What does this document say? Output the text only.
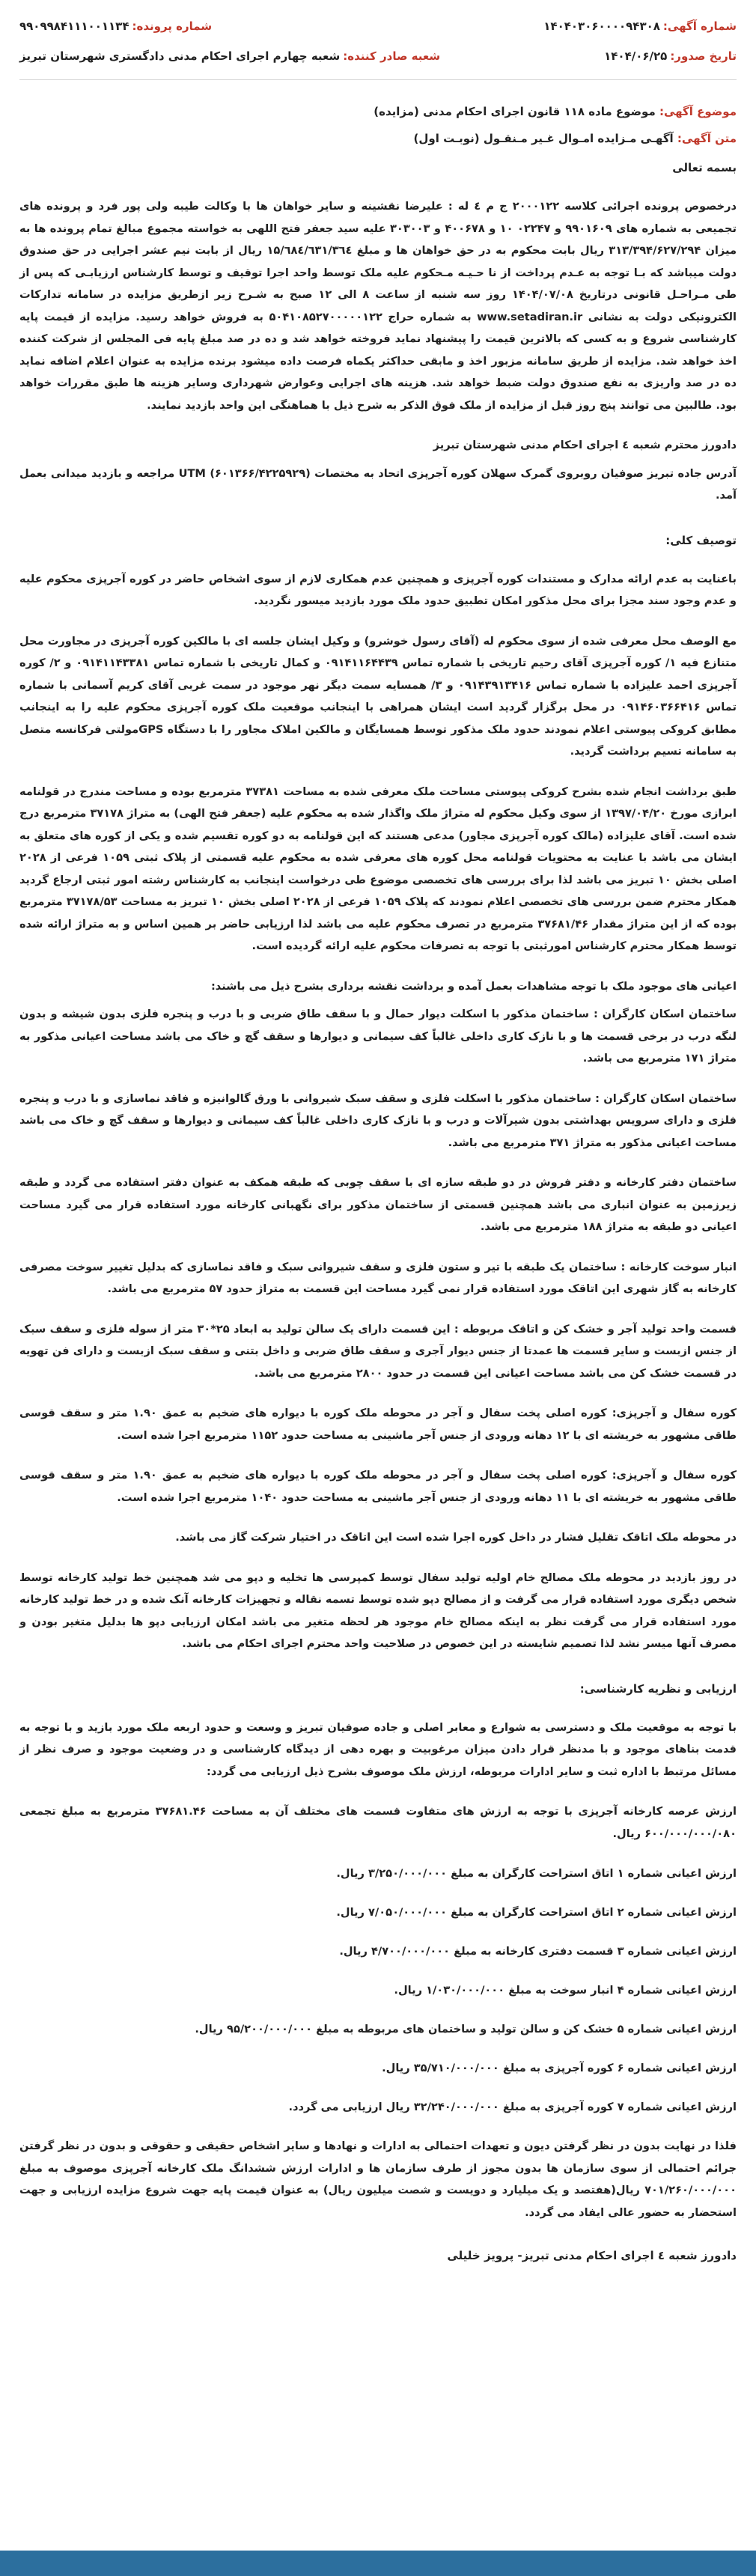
شماره آگهی:
۱۴۰۴۰۳۰۶۰۰۰۰۹۴۳۰۸
شماره پرونده:
۹۹۰۹۹۸۴۱۱۱۰۰۱۱۳۴
تاریخ صدور:
۱۴۰۴/۰۶/۲۵
شعبه صادر کننده:
شعبه چهارم اجرای احکام مدنی دادگستری شهرستان تبریز
موضوع آگهی: موضوع ماده ۱۱۸ قانون اجرای احکام مدنی (مزایده)
متن آگهی: آگهـی مـزایده امـوال غـیر مـنقـول (نوبـت اول)
بسمه تعالی

درخصوص پرونده اجرائی کلاسه ۲۰۰۰۱۲۲ ج م ٤ له : علیرضا نقشینه و سایر خواهان ها با وکالت طیبه ولی پور فرد و پرونده های تجمیعی به شماره های ۹۹۰۱۶۰۹ و ۰۲۲۴۷ ۱۰ و ۴۰۰۶۷۸ و ۳۰۳۰۰۳ علیه سید جعفر فتح اللهی به خواسته مجموع مبالغ تمام پرونده ها به میزان ۳۱۳/۳۹۴/۶۲۷/۲۹۴ ریال بابت محکوم به در حق خواهان ها و مبلغ ۱۵/٦٨٤/٦٣١/٣٦٤ ریال از بابت نیم عشر اجرایی در حق صندوق دولت میباشد که بـا توجه به عـدم پرداخت از نا حـیـه مـحکوم علیه ملک توسط واحد اجرا توقیف و توسط کارشناس ارزیابـی که پس از طی مـراحـل قانونی درتاریخ ۱۴۰۴/۰۷/۰۸ روز سه شنبه از ساعت ۸ الی ۱۲ صبح به شـرح زیر ازطریق مزایده در سامانه تدارکات الکترونیکی دولت به نشانی www.setadiran.ir به شماره حراج ۵۰۴۱۰۸۵۲۷۰۰۰۰۰۱۲۲ به فروش خواهد رسید. مزایده از قیمت پایه کارشناسی شروع و به کسی که بالاترین قیمت را پیشنهاد نماید فروخته خواهد شد و ده در صد مبلغ پایه فی المجلس از شرکت کننده اخذ خواهد شد. مزایده از طریق سامانه مزبور اخذ و مابقی حداکثر یکماه فرصت داده میشود برنده مزایده به عنوان اعلام اضافه نماید ده در صد واریزی به نفع صندوق دولت ضبط خواهد شد. هزینه های اجرایی وعوارض شهرداری وسایر هزینه ها طبق مقررات خواهد بود. طالبین می توانند پنج روز قبل از مزایده از ملک فوق الذکر به شرح ذیل با هماهنگی این واحد بازدید نمایند.

دادورز محترم شعبه ٤ اجرای احکام مدنی شهرستان تبریز

آدرس جاده تبریز صوفیان روبروی گمرک سهلان کوره آجرپزی اتحاد به مختصات (۶۰۱۳۶۶/۴۲۲۵۹۲۹) UTM مراجعه و بازدید میدانی بعمل آمد.

توصیف کلی:

باعنایت به عدم ارائه مدارک و مستندات کوره آجرپزی و همچنین عدم همکاری لازم از سوی اشخاص حاضر در کوره آجرپزی محکوم علیه و عدم وجود سند مجزا برای محل مذکور امکان تطبیق حدود ملک مورد بازدید میسور نگردید.

مع الوصف محل معرفی شده از سوی محکوم له (آقای رسول خوشرو) و وکیل ایشان جلسه ای با مالکین کوره آجرپزی در مجاورت محل متنازع فیه ۱/ کوره آجرپزی آقای رحیم تاریخی با شماره تماس ۰۹۱۴۱۱۶۴۴۳۹ و کمال تاریخی با شماره تماس ۰۹۱۴۱۱۴۳۳۸۱ و ۲/ کوره آجرپزی احمد علیزاده با شماره تماس ۰۹۱۴۳۹۱۳۴۱۶ و ۳/ همسایه سمت دیگر نهر موجود در سمت غربی آقای کریم آسمانی با شماره تماس ۰۹۱۴۶۰۳۶۶۴۱۶ در محل برگزار گردید است ایشان همراهی با اینجانب موقعیت ملک کوره آجرپزی محکوم علیه را به اینجانب مطابق کروکی پیوستی اعلام نمودند حدود ملک مذکور توسط همسایگان و مالکین املاک مجاور را با دستگاه GPSمولتی فرکانسه متصل به سامانه تسیم برداشت گردید.

طبق برداشت انجام شده بشرح کروکی پیوستی مساحت ملک معرفی شده به مساحت ۳۷۳۸۱ مترمربع بوده و مساحت مندرج در قولنامه ابرازی مورخ ۱۳۹۷/۰۴/۲۰ از سوی وکیل محکوم له متراژ ملک واگذار شده به محکوم علیه (جعفر فتح الهی) به متراژ ۳۷۱۷۸ مترمربع درج شده است. آقای علیزاده (مالک کوره آجرپزی مجاور) مدعی هستند که این قولنامه به دو کوره تقسیم شده و یکی از کوره های متعلق به ایشان می باشد با عنایت به محتویات قولنامه محل کوره های معرفی شده به محکوم علیه قسمتی از پلاک ثبتی ۱۰۵۹ فرعی از ۲۰۲۸ اصلی بخش ۱۰ تبریز می باشد لذا برای بررسی های تخصصی موضوع طی درخواست اینجانب به کارشناس رشته امور ثبتی ارجاع گردید همکار محترم ضمن بررسی های تخصصی اعلام نمودند که پلاک ۱۰۵۹ فرعی از ۲۰۲۸ اصلی بخش ۱۰ تبریز به مساحت ۳۷۱۷۸/۵۳ مترمربع بوده که از این متراژ مقدار ۳۷۶۸۱/۴۶ مترمربع در تصرف محکوم علیه می باشد لذا ارزیابی حاضر بر همین اساس و به متراژ ارائه شده توسط همکار محترم کارشناس امورثبتی با توجه به تصرفات محکوم علیه ارائه گردیده است.

اعیانی های موجود ملک با توجه مشاهدات بعمل آمده و برداشت نقشه برداری بشرح ذیل می باشند:

ساختمان اسکان کارگران : ساختمان مذکور با اسکلت دیوار حمال و با سقف طاق ضربی و با درب و پنجره فلزی بدون شیشه و بدون لنگه درب در برخی قسمت ها و با نازک کاری داخلی غالباً کف سیمانی و دیوارها و سقف گچ و خاک می باشد مساحت اعیانی مذکور به متراژ ۱۷۱ مترمربع می باشد.

ساختمان اسکان کارگران : ساختمان مذکور با اسکلت فلزی و سقف سبک شیروانی با ورق گالوانیزه و فاقد نماسازی و با درب و پنجره فلزی و دارای سرویس بهداشتی بدون شیرآلات و درب و با نازک کاری داخلی غالباً کف سیمانی و دیوارها و سقف گچ و خاک می باشد مساحت اعیانی مذکور به متراژ ۳۷۱ مترمربع می باشد.

ساختمان دفتر کارخانه و دفتر فروش در دو طبقه سازه ای با سقف چوبی که طبقه همکف به عنوان دفتر استفاده می گردد و طبقه زیرزمین به عنوان انباری می باشد همچنین قسمتی از ساختمان مذکور برای نگهبانی کارخانه مورد استفاده قرار می گیرد مساحت اعیانی دو طبقه به متراژ ۱۸۸ مترمربع می باشد.

انبار سوخت کارخانه : ساختمان یک طبقه با تیر و ستون فلزی و سقف شیروانی سبک و فاقد نماسازی که بدلیل تغییر سوخت مصرفی کارخانه به گاز شهری این اتاقک مورد استفاده قرار نمی گیرد مساحت این قسمت به متراژ حدود ۵۷ مترمربع می باشد.

قسمت واحد تولید آجر و خشک کن و اتاقک مربوطه : این قسمت دارای یک سالن تولید به ابعاد ۲۵*۳۰ متر از سوله فلزی و سقف سبک از جنس ازبست و سایر قسمت ها عمدتا از جنس دیوار آجری و سقف طاق ضربی و داخل بتنی و سقف سبک ازبست و دارای فن تهویه در قسمت خشک کن می باشد مساحت اعیانی این قسمت در حدود ۲۸۰۰ مترمربع می باشد.

کوره سفال و آجرپزی: کوره اصلی پخت سفال و آجر در محوطه ملک کوره با دیواره های ضخیم به عمق ۱.۹۰ متر و سقف قوسی طاقی مشهور به خریشته ای با ۱۲ دهانه ورودی از جنس آجر ماشینی به مساحت حدود ۱۱۵۲ مترمربع اجرا شده است.

کوره سفال و آجرپزی: کوره اصلی پخت سفال و آجر در محوطه ملک کوره با دیواره های ضخیم به عمق ۱.۹۰ متر و سقف قوسی طاقی مشهور به خریشته ای با ۱۱ دهانه ورودی از جنس آجر ماشینی به مساحت حدود ۱۰۴۰ مترمربع اجرا شده است.

در محوطه ملک اتاقک تقلیل فشار در داخل کوره اجرا شده است این اتاقک در اختیار شرکت گاز می باشد.

در روز بازدید در محوطه ملک مصالح خام اولیه تولید سفال توسط کمپرسی ها تخلیه و دپو می شد همچنین خط تولید کارخانه توسط شخص دیگری مورد استفاده قرار می گرفت و از مصالح دپو شده توسط تسمه نقاله و تجهیزات کارخانه آنک شده و در خط تولید کارخانه مورد استفاده قرار می گرفت نظر به اینکه مصالح خام موجود هر لحظه متغیر می باشد امکان ارزیابی دپو ها بدلیل متغیر بودن و مصرف آنها میسر نشد لذا تصمیم شایسته در این خصوص در صلاحیت واحد محترم اجرای احکام می باشد.

ارزیابی و نظریه کارشناسی:

با توجه به موقعیت ملک و دسترسی به شوارع و معابر اصلی و جاده صوفیان تبریز و وسعت و حدود اربعه ملک مورد بازید و با توجه به قدمت بناهای موجود و با مدنظر قرار دادن میزان مرغوبیت و بهره دهی از دیدگاه کارشناسی و در وضعیت موجود و صرف نظر از مسائل مرتبط با اداره ثبت و سایر ادارات مربوطه، ارزش ملک موصوف بشرح ذیل ارزیابی می گردد:

ارزش عرصه کارخانه آجرپزی با توجه به ارزش های متفاوت قسمت های مختلف آن به مساحت ۳۷۶۸۱.۴۶ مترمربع به مبلغ تجمعی ۶۰۰/۰۰۰/۰۰۰/۰۸۰ ریال.

ارزش اعیانی شماره ۱ اتاق استراحت کارگران به مبلغ ۳/۲۵۰/۰۰۰/۰۰۰ ریال.
ارزش اعیانی شماره ۲ اتاق استراحت کارگران به مبلغ ۷/۰۵۰/۰۰۰/۰۰۰ ریال.
ارزش اعیانی شماره ۳ قسمت دفتری کارخانه به مبلغ ۴/۷۰۰/۰۰۰/۰۰۰ ریال.
ارزش اعیانی شماره ۴ انبار سوخت به مبلغ ۱/۰۳۰/۰۰۰/۰۰۰ ریال.
ارزش اعیانی شماره ۵ خشک کن و سالن تولید و ساختمان های مربوطه به مبلغ ۹۵/۲۰۰/۰۰۰/۰۰۰ ریال.
ارزش اعیانی شماره ۶ کوره آجرپزی به مبلغ ۳۵/۷۱۰/۰۰۰/۰۰۰ ریال.
ارزش اعیانی شماره ۷ کوره آجرپزی به مبلغ ۳۲/۲۴۰/۰۰۰/۰۰۰ ریال ارزیابی می گردد.

فلذا در نهایت بدون در نظر گرفتن دیون و تعهدات احتمالی به ادارات و نهادها و سایر اشخاص حقیقی و حقوقی و بدون در نظر گرفتن جرائم احتمالی از سوی سازمان ها بدون مجوز از طرف سازمان ها و ادارات ارزش ششدانگ ملک کارخانه آجرپزی موصوف به مبلغ ۷۰۱/۲۶۰/۰۰۰/۰۰۰ ریال(هفتصد و یک میلیارد و دویست و شصت میلیون ریال) به عنوان قیمت پایه جهت شروع مزایده ارزیابی و جهت استحضار به حضور عالی ایفاد می گردد.

دادورز شعبه ٤ اجرای احکام مدنی تبریز- پرویز خلیلی
